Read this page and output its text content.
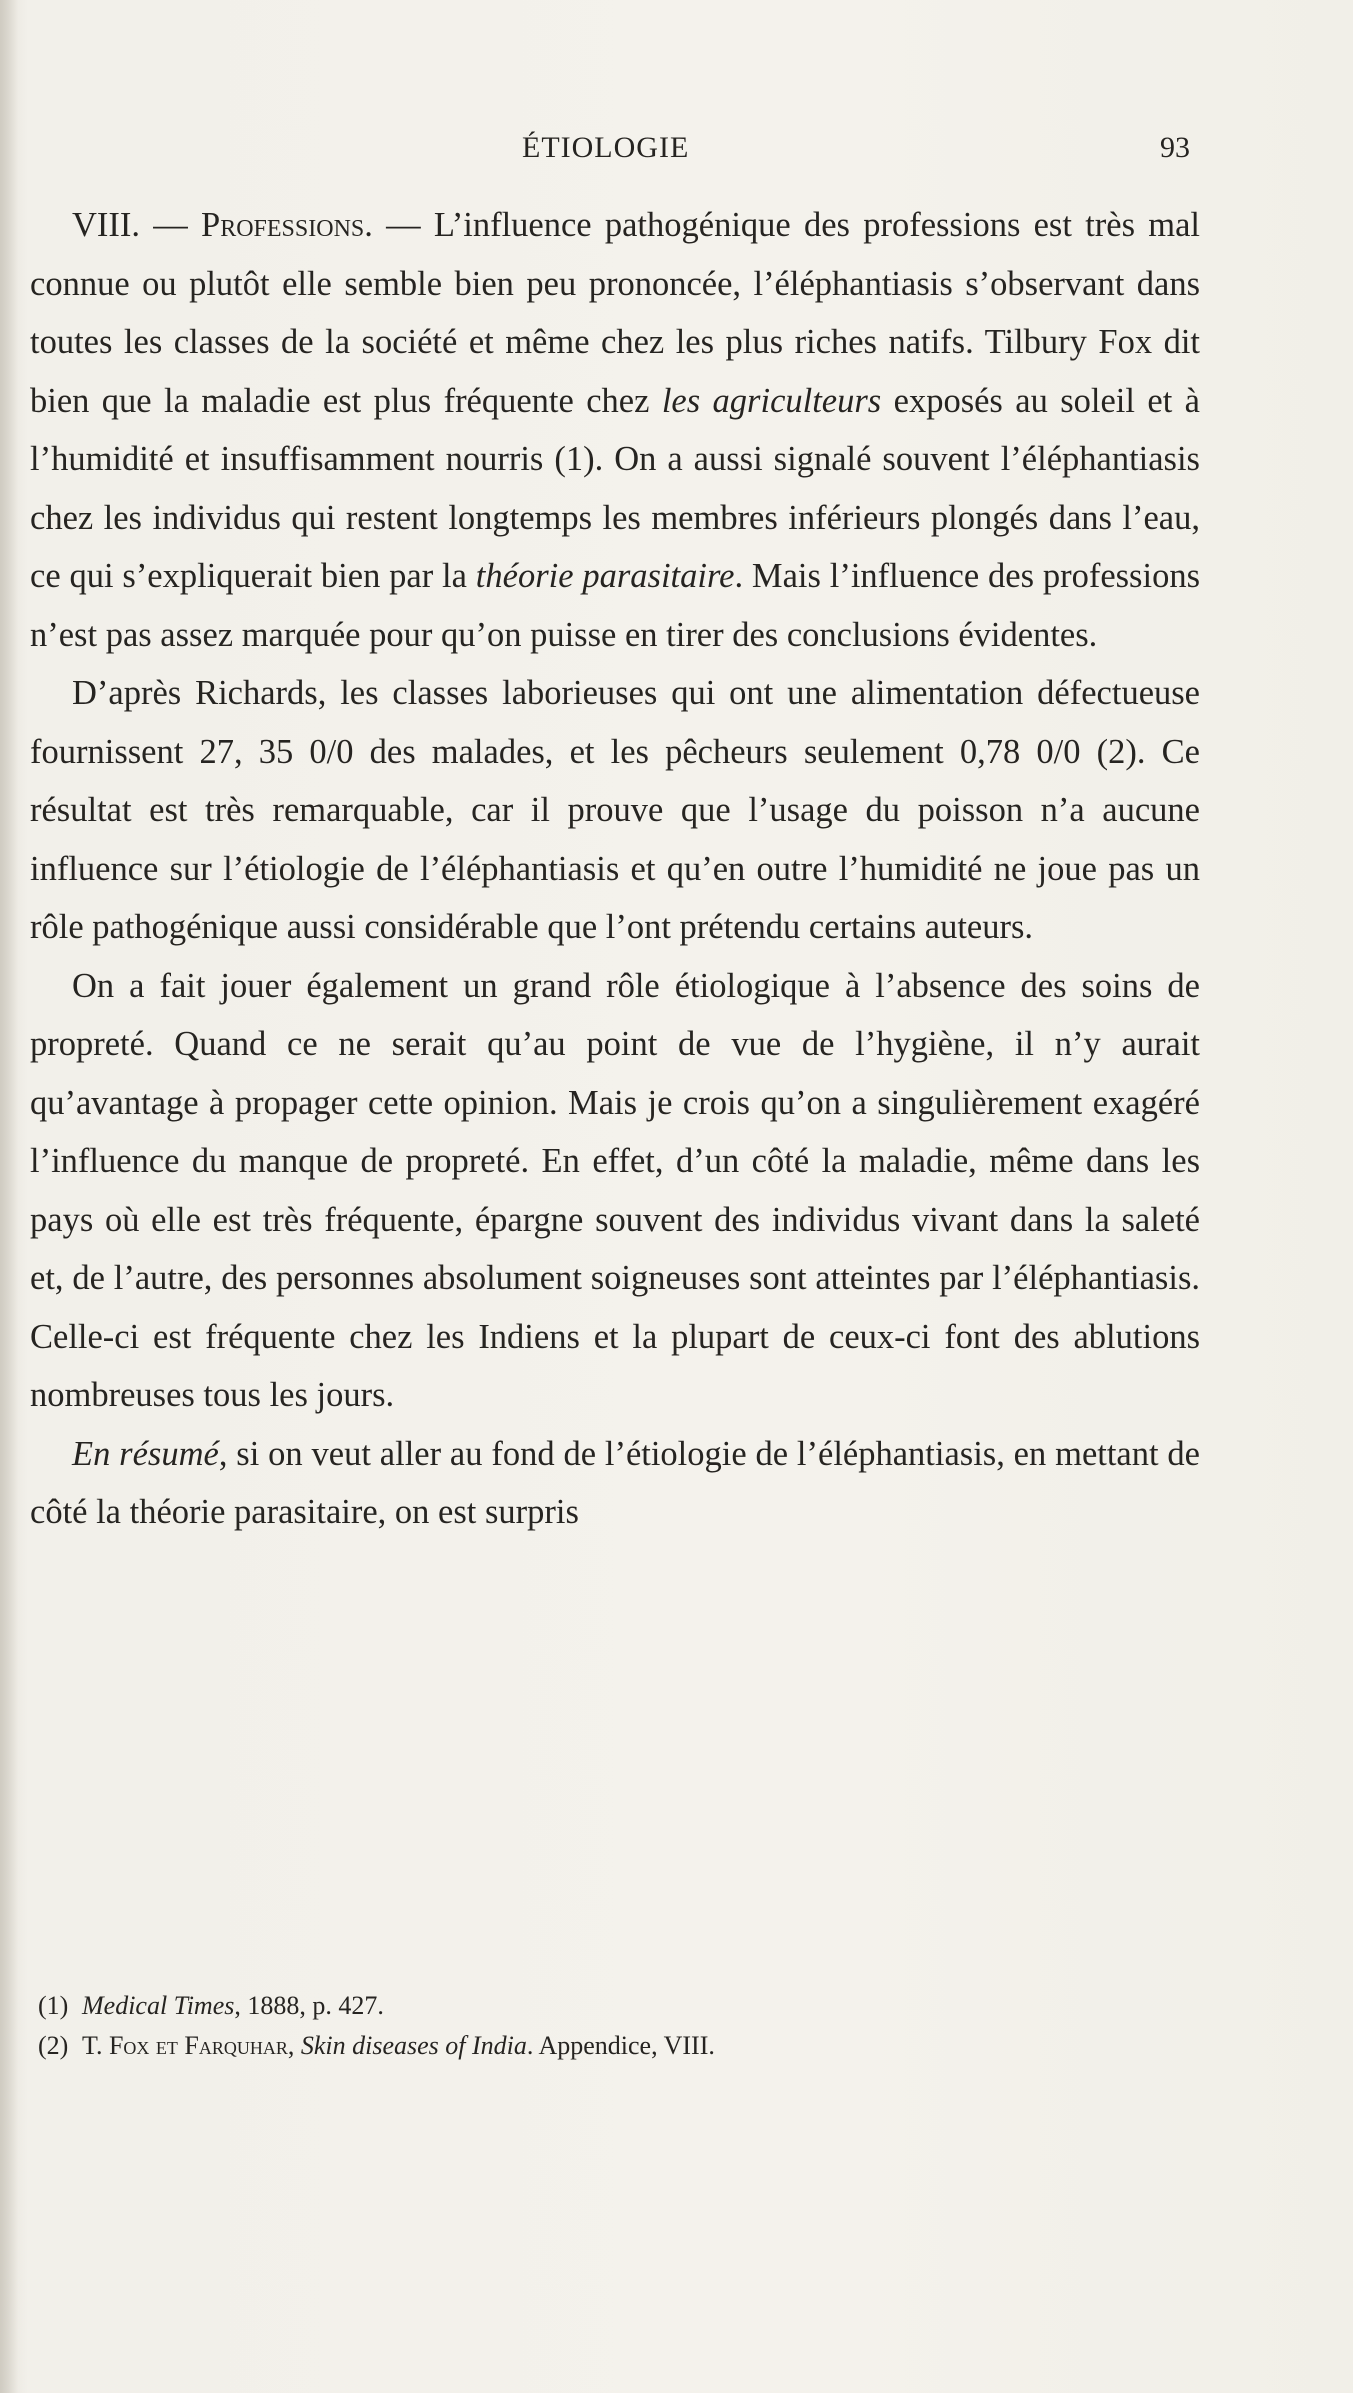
ÉTIOLOGIE	93

VIII. — Professions. — L’influence pathogénique des professions est très mal connue ou plutôt elle semble bien peu prononcée, l’éléphantiasis s’observant dans toutes les classes de la société et même chez les plus riches natifs. Tilbury Fox dit bien que la maladie est plus fréquente chez les agriculteurs exposés au soleil et à l’humidité et insuffisamment nourris (1). On a aussi signalé souvent l’éléphantiasis chez les individus qui restent longtemps les membres inférieurs plongés dans l’eau, ce qui s’expliquerait bien par la théorie parasitaire. Mais l’influence des professions n’est pas assez marquée pour qu’on puisse en tirer des conclusions évidentes.

D’après Richards, les classes laborieuses qui ont une alimentation défectueuse fournissent 27, 35 0/0 des malades, et les pêcheurs seulement 0,78 0/0 (2). Ce résultat est très remarquable, car il prouve que l’usage du poisson n’a aucune influence sur l’étiologie de l’éléphantiasis et qu’en outre l’humidité ne joue pas un rôle pathogénique aussi considérable que l’ont prétendu certains auteurs.

On a fait jouer également un grand rôle étiologique à l’absence des soins de propreté. Quand ce ne serait qu’au point de vue de l’hygiène, il n’y aurait qu’avantage à propager cette opinion. Mais je crois qu’on a singulièrement exagéré l’influence du manque de propreté. En effet, d’un côté la maladie, même dans les pays où elle est très fréquente, épargne souvent des individus vivant dans la saleté et, de l’autre, des personnes absolument soigneuses sont atteintes par l’éléphantiasis. Celle-ci est fréquente chez les Indiens et la plupart de ceux-ci font des ablutions nombreuses tous les jours.

En résumé, si on veut aller au fond de l’étiologie de l’éléphantiasis, en mettant de côté la théorie parasitaire, on est surpris

(1) Medical Times, 1888, p. 427.
(2) T. Fox et Farquhar, Skin diseases of India. Appendice, VIII.
